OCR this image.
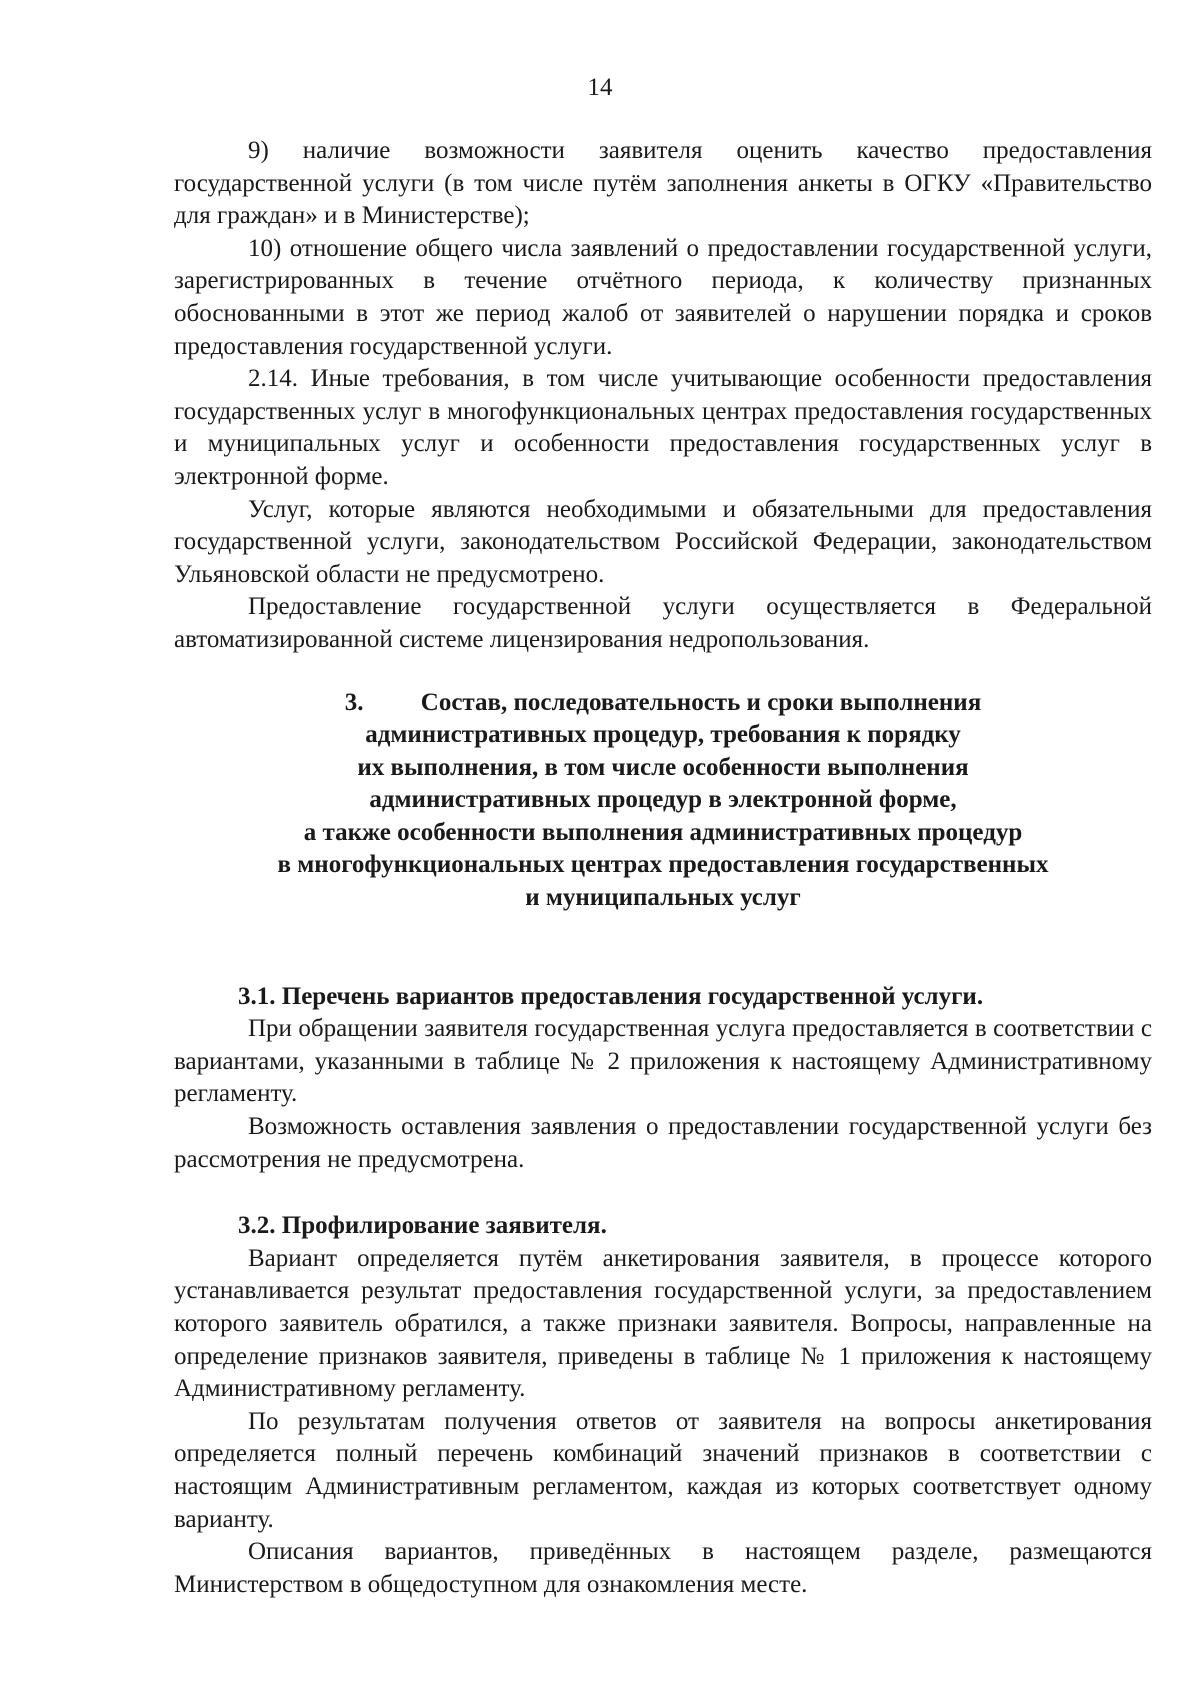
14

9) наличие возможности заявителя оценить качество предоставления государственной услуги (в том числе путём заполнения анкеты в ОГКУ «Правительство для граждан» и в Министерстве);

10) отношение общего числа заявлений о предоставлении государственной услуги, зарегистрированных в течение отчётного периода, к количеству признанных обоснованными в этот же период жалоб от заявителей о нарушении порядка и сроков предоставления государственной услуги.

2.14. Иные требования, в том числе учитывающие особенности предоставления государственных услуг в многофункциональных центрах предоставления государственных и муниципальных услуг и особенности предоставления государственных услуг в электронной форме.

Услуг, которые являются необходимыми и обязательными для предоставления государственной услуги, законодательством Российской Федерации, законодательством Ульяновской области не предусмотрено.

Предоставление государственной услуги осуществляется в Федеральной автоматизированной системе лицензирования недропользования.

3. Состав, последовательность и сроки выполнения
административных процедур, требования к порядку
их выполнения, в том числе особенности выполнения
административных процедур в электронной форме,
а также особенности выполнения административных процедур
в многофункциональных центрах предоставления государственных
и муниципальных услуг

3.1. Перечень вариантов предоставления государственной услуги.

При обращении заявителя государственная услуга предоставляется в соответствии с вариантами, указанными в таблице № 2 приложения к настоящему Административному регламенту.

Возможность оставления заявления о предоставлении государственной услуги без рассмотрения не предусмотрена.

3.2. Профилирование заявителя.

Вариант определяется путём анкетирования заявителя, в процессе которого устанавливается результат предоставления государственной услуги, за предоставлением которого заявитель обратился, а также признаки заявителя. Вопросы, направленные на определение признаков заявителя, приведены в таблице № 1 приложения к настоящему Административному регламенту.

По результатам получения ответов от заявителя на вопросы анкетирования определяется полный перечень комбинаций значений признаков в соответствии с настоящим Административным регламентом, каждая из которых соответствует одному варианту.

Описания вариантов, приведённых в настоящем разделе, размещаются Министерством в общедоступном для ознакомления месте.
